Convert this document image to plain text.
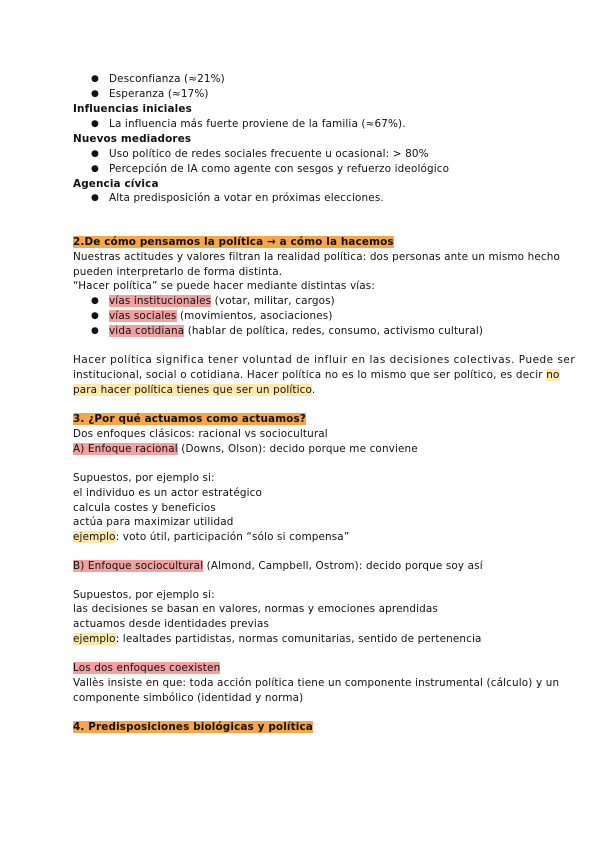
● Desconfianza (≈21%)
● Esperanza (≈17%)
Influencias iniciales
● La influencia más fuerte proviene de la familia (≈67%).
Nuevos mediadores
● Uso político de redes sociales frecuente u ocasional: > 80%
● Percepción de IA como agente con sesgos y refuerzo ideológico
Agencia cívica
● Alta predisposición a votar en próximas elecciones.
2.De cómo pensamos la política → a cómo la hacemos
Nuestras actitudes y valores filtran la realidad política: dos personas ante un mismo hecho
pueden interpretarlo de forma distinta.
“Hacer política” se puede hacer mediante distintas vías:
● vías institucionales (votar, militar, cargos)
● vías sociales (movimientos, asociaciones)
● vida cotidiana (hablar de política, redes, consumo, activismo cultural)
Hacer política significa tener voluntad de influir en las decisiones colectivas. Puede ser
institucional, social o cotidiana. Hacer política no es lo mismo que ser político, es decir no
para hacer política tienes que ser un político.
3. ¿Por qué actuamos como actuamos?
Dos enfoques clásicos: racional vs sociocultural
A) Enfoque racional (Downs, Olson): decido porque me conviene
Supuestos, por ejemplo si:
el individuo es un actor estratégico
calcula costes y beneficios
actúa para maximizar utilidad
ejemplo: voto útil, participación “sólo si compensa”
B) Enfoque sociocultural (Almond, Campbell, Ostrom): decido porque soy así
Supuestos, por ejemplo si:
las decisiones se basan en valores, normas y emociones aprendidas
actuamos desde identidades previas
ejemplo: lealtades partidistas, normas comunitarias, sentido de pertenencia
Los dos enfoques coexisten
Vallès insiste en que: toda acción política tiene un componente instrumental (cálculo) y un
componente simbólico (identidad y norma)
4. Predisposiciones biológicas y política
